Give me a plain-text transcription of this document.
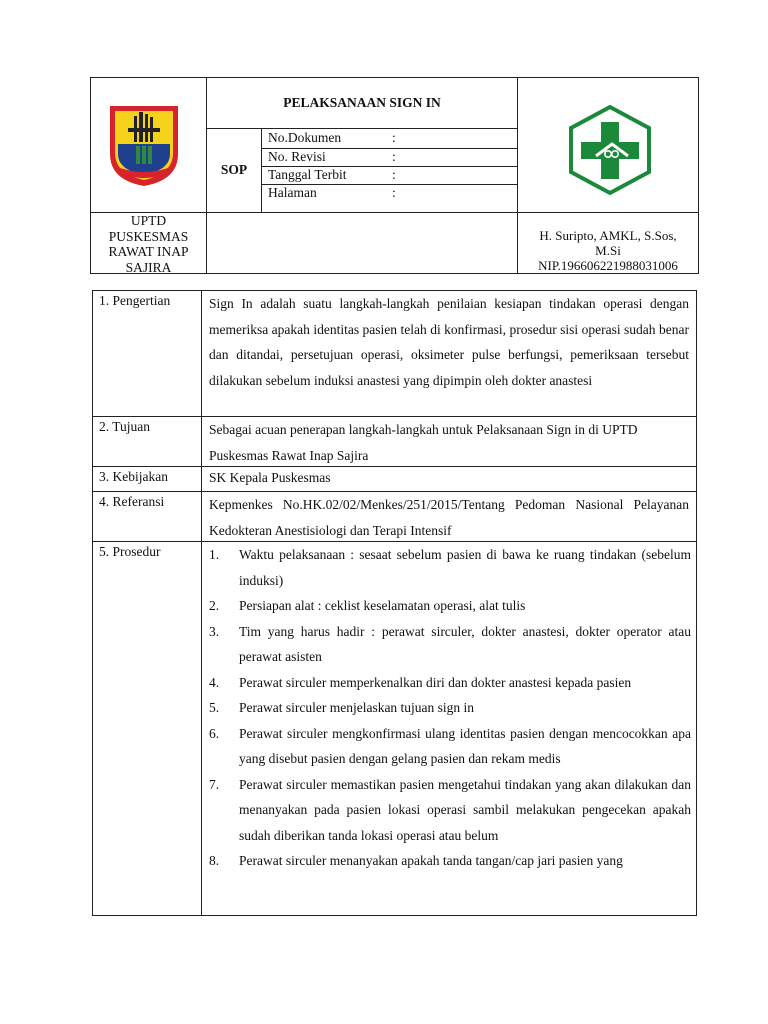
PELAKSANAAN SIGN IN
SOP
No.Dokumen	:
No. Revisi	:
Tanggal Terbit	:
Halaman	:
UPTD
PUSKESMAS
RAWAT INAP
SAJIRA
H. Suripto, AMKL, S.Sos,
M.Si
NIP.196606221988031006
1. Pengertian	Sign In adalah suatu langkah-langkah penilaian kesiapan tindakan operasi dengan memeriksa apakah identitas pasien telah di konfirmasi, prosedur sisi operasi sudah benar dan ditandai, persetujuan operasi, oksimeter pulse berfungsi, pemeriksaan tersebut dilakukan sebelum induksi anastesi yang dipimpin oleh dokter anastesi
2. Tujuan	Sebagai acuan penerapan langkah-langkah untuk Pelaksanaan Sign in di UPTD Puskesmas Rawat Inap Sajira
3. Kebijakan	SK Kepala Puskesmas
4. Referansi	Kepmenkes No.HK.02/02/Menkes/251/2015/Tentang Pedoman Nasional Pelayanan Kedokteran Anestisiologi dan Terapi Intensif
5. Prosedur	1. Waktu pelaksanaan : sesaat sebelum pasien di bawa ke ruang tindakan (sebelum induksi)
2. Persiapan alat : ceklist keselamatan operasi, alat tulis
3. Tim yang harus hadir : perawat sirculer, dokter anastesi, dokter operator atau perawat asisten
4. Perawat sirculer memperkenalkan diri dan dokter anastesi kepada pasien
5. Perawat sirculer menjelaskan tujuan sign in
6. Perawat sirculer mengkonfirmasi ulang identitas pasien dengan mencocokkan apa yang disebut pasien dengan gelang pasien dan rekam medis
7. Perawat sirculer memastikan pasien mengetahui tindakan yang akan dilakukan dan menanyakan pada pasien lokasi operasi sambil melakukan pengecekan apakah sudah diberikan tanda lokasi operasi atau belum
8. Perawat sirculer menanyakan apakah tanda tangan/cap jari pasien yang
